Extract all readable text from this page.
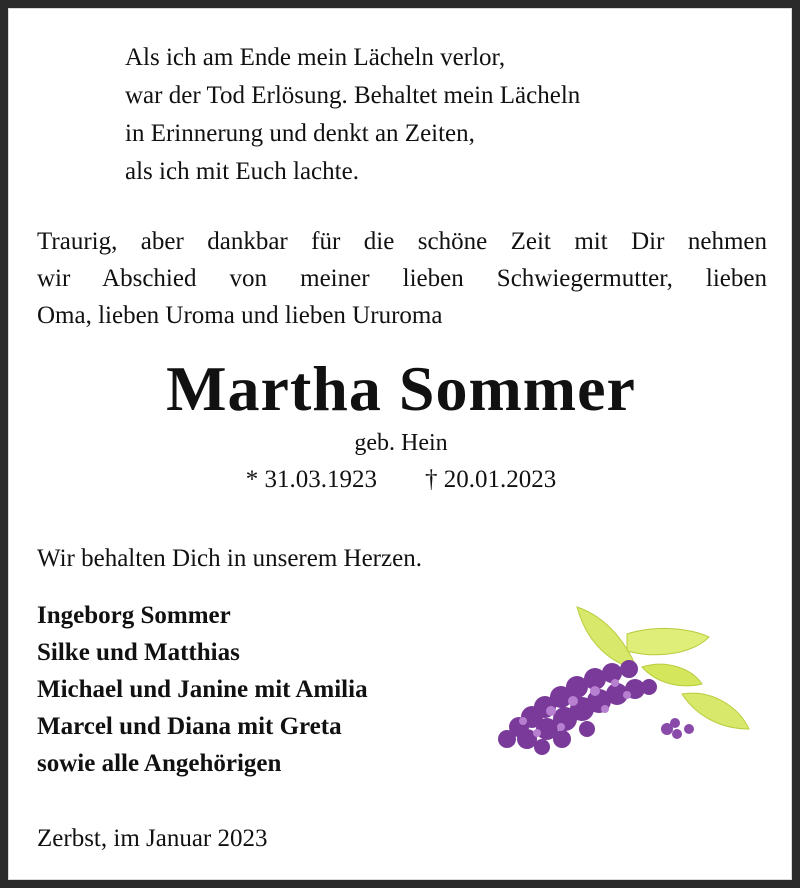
Als ich am Ende mein Lächeln verlor,
war der Tod Erlösung. Behaltet mein Lächeln
in Erinnerung und denkt an Zeiten,
als ich mit Euch lachte.
Traurig, aber dankbar für die schöne Zeit mit Dir nehmen
wir Abschied von meiner lieben Schwiegermutter, lieben
Oma, lieben Uroma und lieben Ururoma
Martha Sommer
geb. Hein
* 31.03.1923 † 20.01.2023
Wir behalten Dich in unserem Herzen.
Ingeborg Sommer
Silke und Matthias
Michael und Janine mit Amilia
Marcel und Diana mit Greta
sowie alle Angehörigen
Zerbst, im Januar 2023
